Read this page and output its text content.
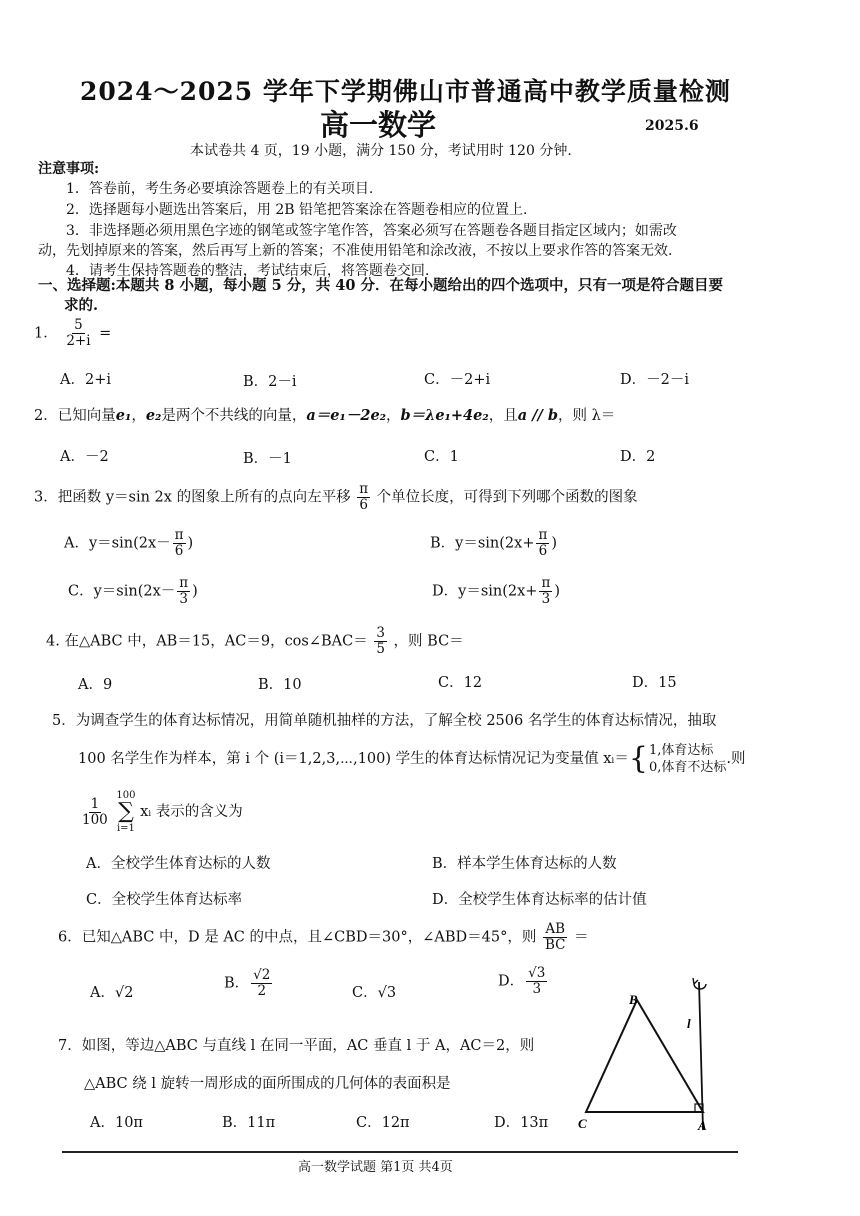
2024～2025 学年下学期佛山市普通高中教学质量检测
高一数学	2025.6
本试卷共 4 页，19 小题，满分 150 分，考试用时 120 分钟.
注意事项:
1．答卷前，考生务必要填涂答题卷上的有关项目.
2．选择题每小题选出答案后，用 2B 铅笔把答案涂在答题卷相应的位置上.
3．非选择题必须用黑色字迹的钢笔或签字笔作答，答案必须写在答题卷各题目指定区域内；如需改
动，先划掉原来的答案，然后再写上新的答案；不准使用铅笔和涂改液，不按以上要求作答的答案无效.
4．请考生保持答题卷的整洁，考试结束后，将答题卷交回.
一、选择题:本题共 8 小题，每小题 5 分，共 40 分．在每小题给出的四个选项中，只有一项是符合题目要
求的.
1． $\frac{5}{2+i}$ =
A．2+i	B．2－i	C．－2+i	D．－2－i
2．已知向量e₁，e₂是两个不共线的向量，a＝e₁－2e₂，b＝λe₁+4e₂，且a // b，则 λ＝
A．－2	B．－1	C．1	D．2
3．把函数 y＝sin 2x 的图象上所有的点向左平移 $\frac{\pi}{6}$ 个单位长度，可得到下列哪个函数的图象
A．$y=\sin(2x- \frac{\pi}{6}$ )	B．$y=\sin(2x+ \frac{\pi}{6}$ )
C．$y=\sin(2x- \frac{\pi}{3}$ )	D．$y=\sin(2x+ \frac{\pi}{3}$ )
4. 在△ABC 中，AB＝15，AC＝9，cos∠BAC＝ $\frac{3}{5}$ ，则 BC＝
A．9	B．10	C．12	D．15
5．为调查学生的体育达标情况，用简单随机抽样的方法，了解全校 2506 名学生的体育达标情况，抽取
100 名学生作为样本，第 i 个 (i＝1,2,3,⋯,100) 学生的体育达标情况记为变量值 xᵢ＝{ 1,体育达标
0,体育不达标
.则
$\frac{1}{100}$

100
∑
i=1
xᵢ 表示的含义为
A．全校学生体育达标的人数	B．样本学生体育达标的人数
C．全校学生体育达标率	D．全校学生体育达标率的估计值
6．已知△ABC 中，D 是 AC 的中点，且∠CBD＝30°，∠ABD＝45°，则 $\frac{AB}{BC}$ ＝
A．√2
B． $\frac{√2}{2}$	C．√3
D． $\frac{√3}{3}$
7．如图，等边△ABC 与直线 l 在同一平面，AC 垂直 l 于 A，AC＝2，则
△ABC 绕 l 旋转一周形成的面所围成的几何体的表面积是
A．10π	B．11π	C．12π	D．13π
B
C	A
l
高一数学试题 第1页 共4页
